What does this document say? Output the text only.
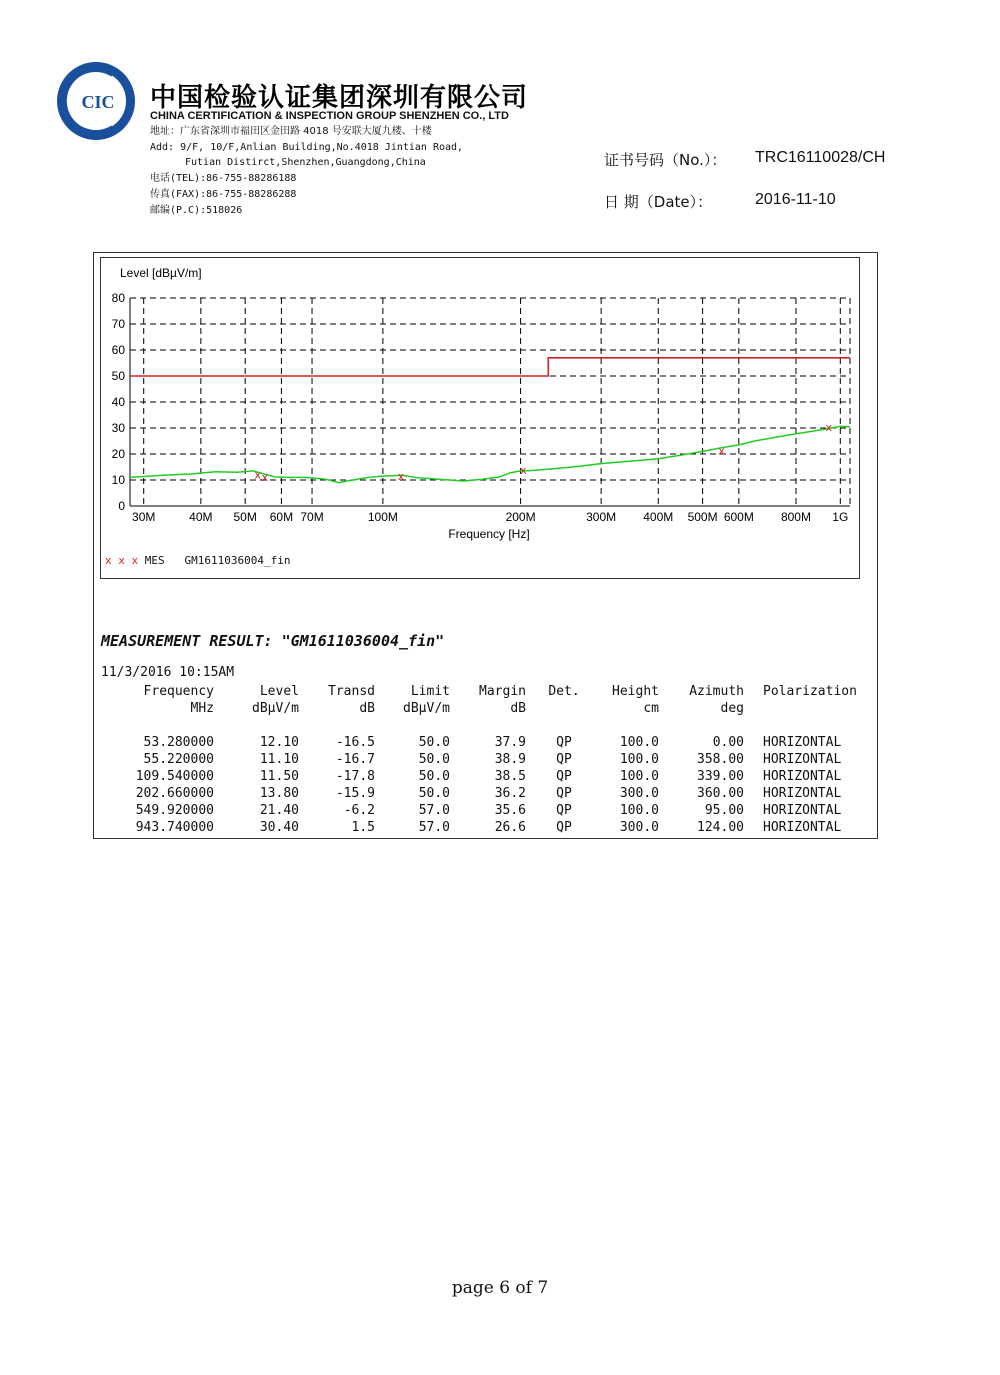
CIC 中国检验认证集团深圳有限公司
CHINA CERTIFICATION & INSPECTION GROUP SHENZHEN CO., LTD
地址：广东省深圳市福田区金田路 4018 号安联大厦九楼、十楼
Add: 9/F, 10/F,Anlian Building,No.4018 Jintian Road,
Futian Distirct,Shenzhen,Guangdong,China
电话(TEL):86-755-88286188
传真(FAX):86-755-88286288
邮编(P.C):518026
证书号码（No.）： TRC16110028/CH
日 期（Date）：	2016-11-10
Level [dBµV/m]
Frequency [Hz]
0
10
20
30
40
50
60
70
80
30M	40M 50M 60M 70M	100M	200M	300M 400M 500M 600M 800M 1G
x x	x	x
x
x
x x x MES GM1611036004_fin
MEASUREMENT RESULT: "GM1611036004_fin"
11/3/2016 10:15AM
Frequency	Level Transd	Limit Margin	Det.	Height Azimuth Polarization
MHz	dBµV/m	dB dBµV/m	dB	cm	deg
53.280000	12.10	-16.5	50.0	37.9	QP	100.0	0.00 HORIZONTAL
55.220000	11.10	-16.7	50.0	38.9	QP	100.0	358.00 HORIZONTAL
109.540000	11.50	-17.8	50.0	38.5	QP	100.0	339.00 HORIZONTAL
202.660000	13.80	-15.9	50.0	36.2	QP	300.0	360.00 HORIZONTAL
549.920000	21.40	-6.2	57.0	35.6	QP	100.0	95.00 HORIZONTAL
943.740000	30.40	1.5	57.0	26.6	QP	300.0	124.00 HORIZONTAL
page 6 of 7
